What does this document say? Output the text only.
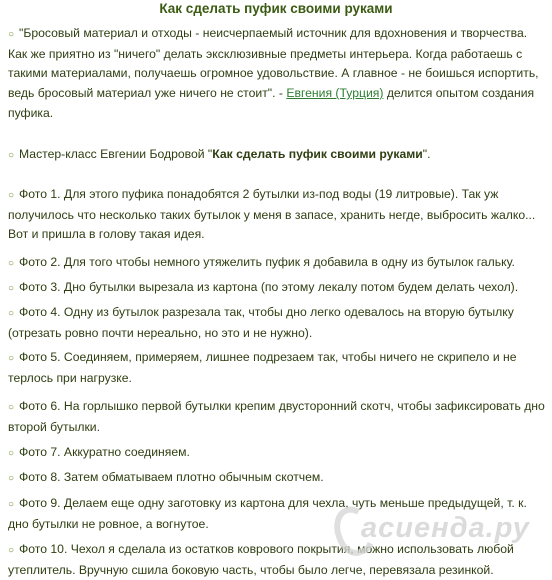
Как сделать пуфик своими руками

○ "Бросовый материал и отходы - неисчерпаемый источник для вдохновения и творчества. Как же приятно из "ничего" делать эксклюзивные предметы интерьера. Когда работаешь с такими материалами, получаешь огромное удовольствие. А главное - не боишься испортить, ведь бросовый материал уже ничего не стоит". - Евгения (Турция) делится опытом создания пуфика.

○ Мастер-класс Евгении Бодровой "Как сделать пуфик своими руками".

○ Фото 1. Для этого пуфика понадобятся 2 бутылки из-под воды (19 литровые). Так уж получилось что несколько таких бутылок у меня в запасе, хранить негде, выбросить жалко... Вот и пришла в голову такая идея.

○ Фото 2. Для того чтобы немного утяжелить пуфик я добавила в одну из бутылок гальку.

○ Фото 3. Дно бутылки вырезала из картона (по этому лекалу потом будем делать чехол).

○ Фото 4. Одну из бутылок разрезала так, чтобы дно легко одевалось на вторую бутылку (отрезать ровно почти нереально, но это и не нужно).

○ Фото 5. Соединяем, примеряем, лишнее подрезаем так, чтобы ничего не скрипело и не терлось при нагрузке.

○ Фото 6. На горлышко первой бутылки крепим двусторонний скотч, чтобы зафиксировать дно второй бутылки.

○ Фото 7. Аккуратно соединяем.

○ Фото 8. Затем обматываем плотно обычным скотчем.

○ Фото 9. Делаем еще одну заготовку из картона для чехла, чуть меньше предыдущей, т. к. дно бутылки не ровное, а вогнутое.

○ Фото 10. Чехол я сделала из остатков коврового покрытия, можно использовать любой утеплитель. Вручную сшила боковую часть, чтобы было легче, перевязала резинкой.

асиенда.ру
